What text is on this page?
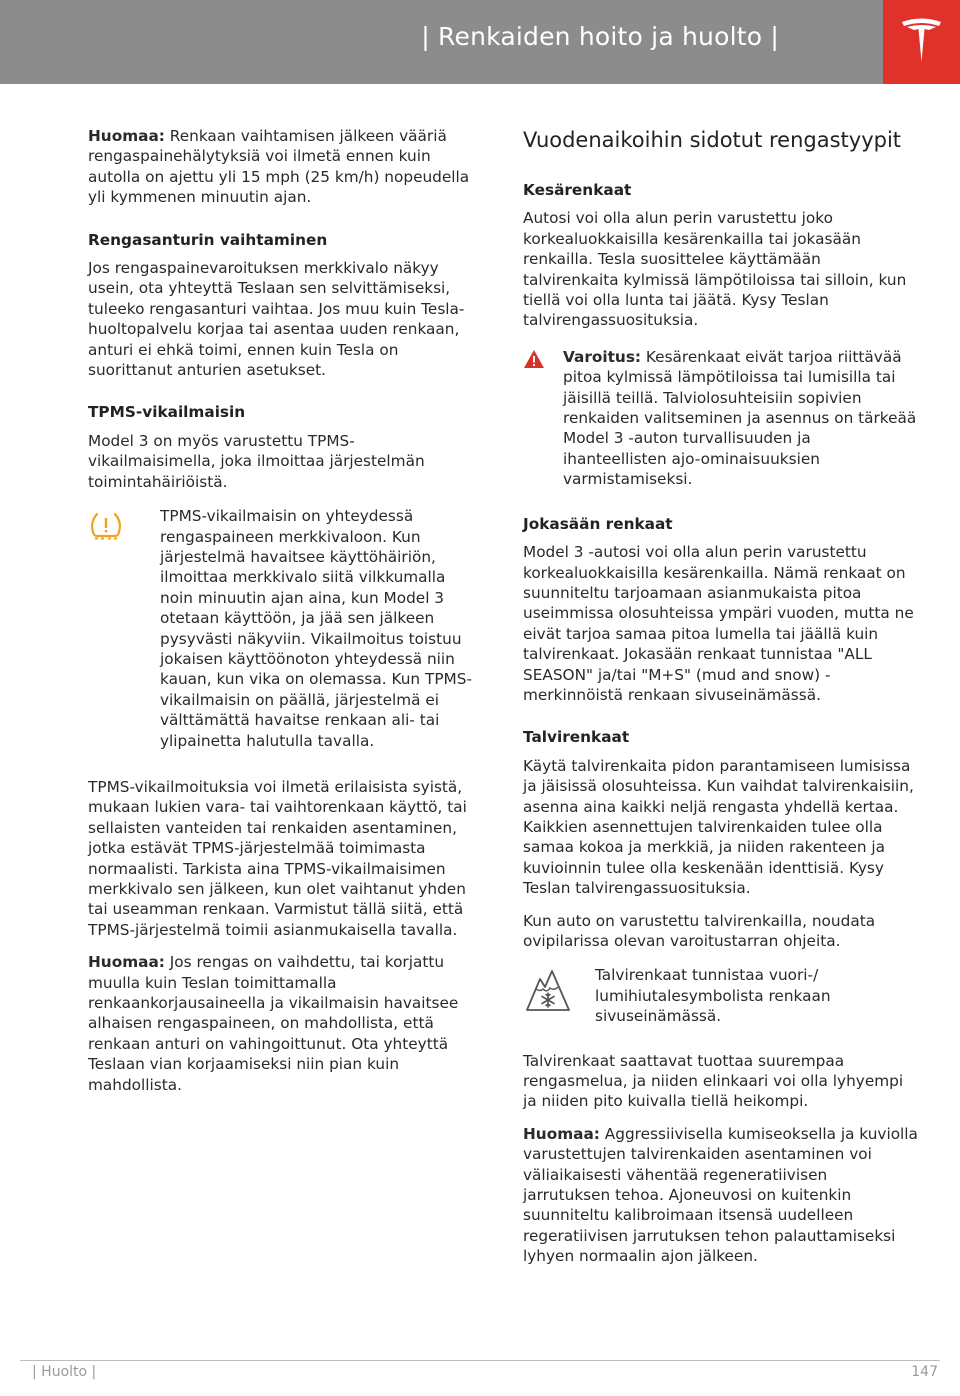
| Renkaiden hoito ja huolto |

Huomaa: Renkaan vaihtamisen jälkeen vääriä rengaspainehälytyksiä voi ilmetä ennen kuin autolla on ajettu yli 15 mph (25 km/h) nopeudella yli kymmenen minuutin ajan.

Rengasanturin vaihtaminen

Jos rengaspainevaroituksen merkkivalo näkyy usein, ota yhteyttä Teslaan sen selvittämiseksi, tuleeko rengasanturi vaihtaa. Jos muu kuin Tesla-huoltopalvelu korjaa tai asentaa uuden renkaan, anturi ei ehkä toimi, ennen kuin Tesla on suorittanut anturien asetukset.

TPMS-vikailmaisin

Model 3 on myös varustettu TPMS-vikailmaisimella, joka ilmoittaa järjestelmän toimintahäiriöistä.

TPMS-vikailmaisin on yhteydessä rengaspaineen merkkivaloon. Kun järjestelmä havaitsee käyttöhäiriön, ilmoittaa merkkivalo siitä vilkkumalla noin minuutin ajan aina, kun Model 3 otetaan käyttöön, ja jää sen jälkeen pysyvästi näkyviin. Vikailmoitus toistuu jokaisen käyttöönoton yhteydessä niin kauan, kun vika on olemassa. Kun TPMS-vikailmaisin on päällä, järjestelmä ei välttämättä havaitse renkaan ali- tai ylipainetta halutulla tavalla.

TPMS-vikailmoituksia voi ilmetä erilaisista syistä, mukaan lukien vara- tai vaihtorenkaan käyttö, tai sellaisten vanteiden tai renkaiden asentaminen, jotka estävät TPMS-järjestelmää toimimasta normaalisti. Tarkista aina TPMS-vikailmaisimen merkkivalo sen jälkeen, kun olet vaihtanut yhden tai useamman renkaan. Varmistut tällä siitä, että TPMS-järjestelmä toimii asianmukaisella tavalla.

Huomaa: Jos rengas on vaihdettu, tai korjattu muulla kuin Teslan toimittamalla renkaankorjausaineella ja vikailmaisin havaitsee alhaisen rengaspaineen, on mahdollista, että renkaan anturi on vahingoittunut. Ota yhteyttä Teslaan vian korjaamiseksi niin pian kuin mahdollista.

Vuodenaikoihin sidotut rengastyypit
Kesärenkaat

Autosi voi olla alun perin varustettu joko korkealuokkaisilla kesärenkailla tai jokasään renkailla. Tesla suosittelee käyttämään talvirenkaita kylmissä lämpötiloissa tai silloin, kun tiellä voi olla lunta tai jäätä. Kysy Teslan talvirengassuosituksia.

Varoitus: Kesärenkaat eivät tarjoa riittävää pitoa kylmissä lämpötiloissa tai lumisilla tai jäisillä teillä. Talviolosuhteisiin sopivien renkaiden valitseminen ja asennus on tärkeää Model 3 -auton turvallisuuden ja ihanteellisten ajo-ominaisuuksien varmistamiseksi.

Jokasään renkaat

Model 3 -autosi voi olla alun perin varustettu korkealuokkaisilla kesärenkailla. Nämä renkaat on suunniteltu tarjoamaan asianmukaista pitoa useimmissa olosuhteissa ympäri vuoden, mutta ne eivät tarjoa samaa pitoa lumella tai jäällä kuin talvirenkaat. Jokasään renkaat tunnistaa "ALL SEASON" ja/tai "M+S" (mud and snow) -merkinnöistä renkaan sivuseinämässä.

Talvirenkaat

Käytä talvirenkaita pidon parantamiseen lumisissa ja jäisissä olosuhteissa. Kun vaihdat talvirenkaisiin, asenna aina kaikki neljä rengasta yhdellä kertaa. Kaikkien asennettujen talvirenkaiden tulee olla samaa kokoa ja merkkiä, ja niiden rakenteen ja kuvioinnin tulee olla keskenään identtisiä. Kysy Teslan talvirengassuosituksia.

Kun auto on varustettu talvirenkailla, noudata ovipilarissa olevan varoitustarran ohjeita.

Talvirenkaat tunnistaa vuori-/ lumihiutalesymbolista renkaan sivuseinämässä.

Talvirenkaat saattavat tuottaa suurempaa rengasmelua, ja niiden elinkaari voi olla lyhyempi ja niiden pito kuivalla tiellä heikompi.

Huomaa: Aggressiivisella kumiseoksella ja kuviolla varustettujen talvirenkaiden asentaminen voi väliaikaisesti vähentää regeneratiivisen jarrutuksen tehoa. Ajoneuvosi on kuitenkin suunniteltu kalibroimaan itsensä uudelleen regeratiivisen jarrutuksen tehon palauttamiseksi lyhyen normaalin ajon jälkeen.

| Huolto |	147
